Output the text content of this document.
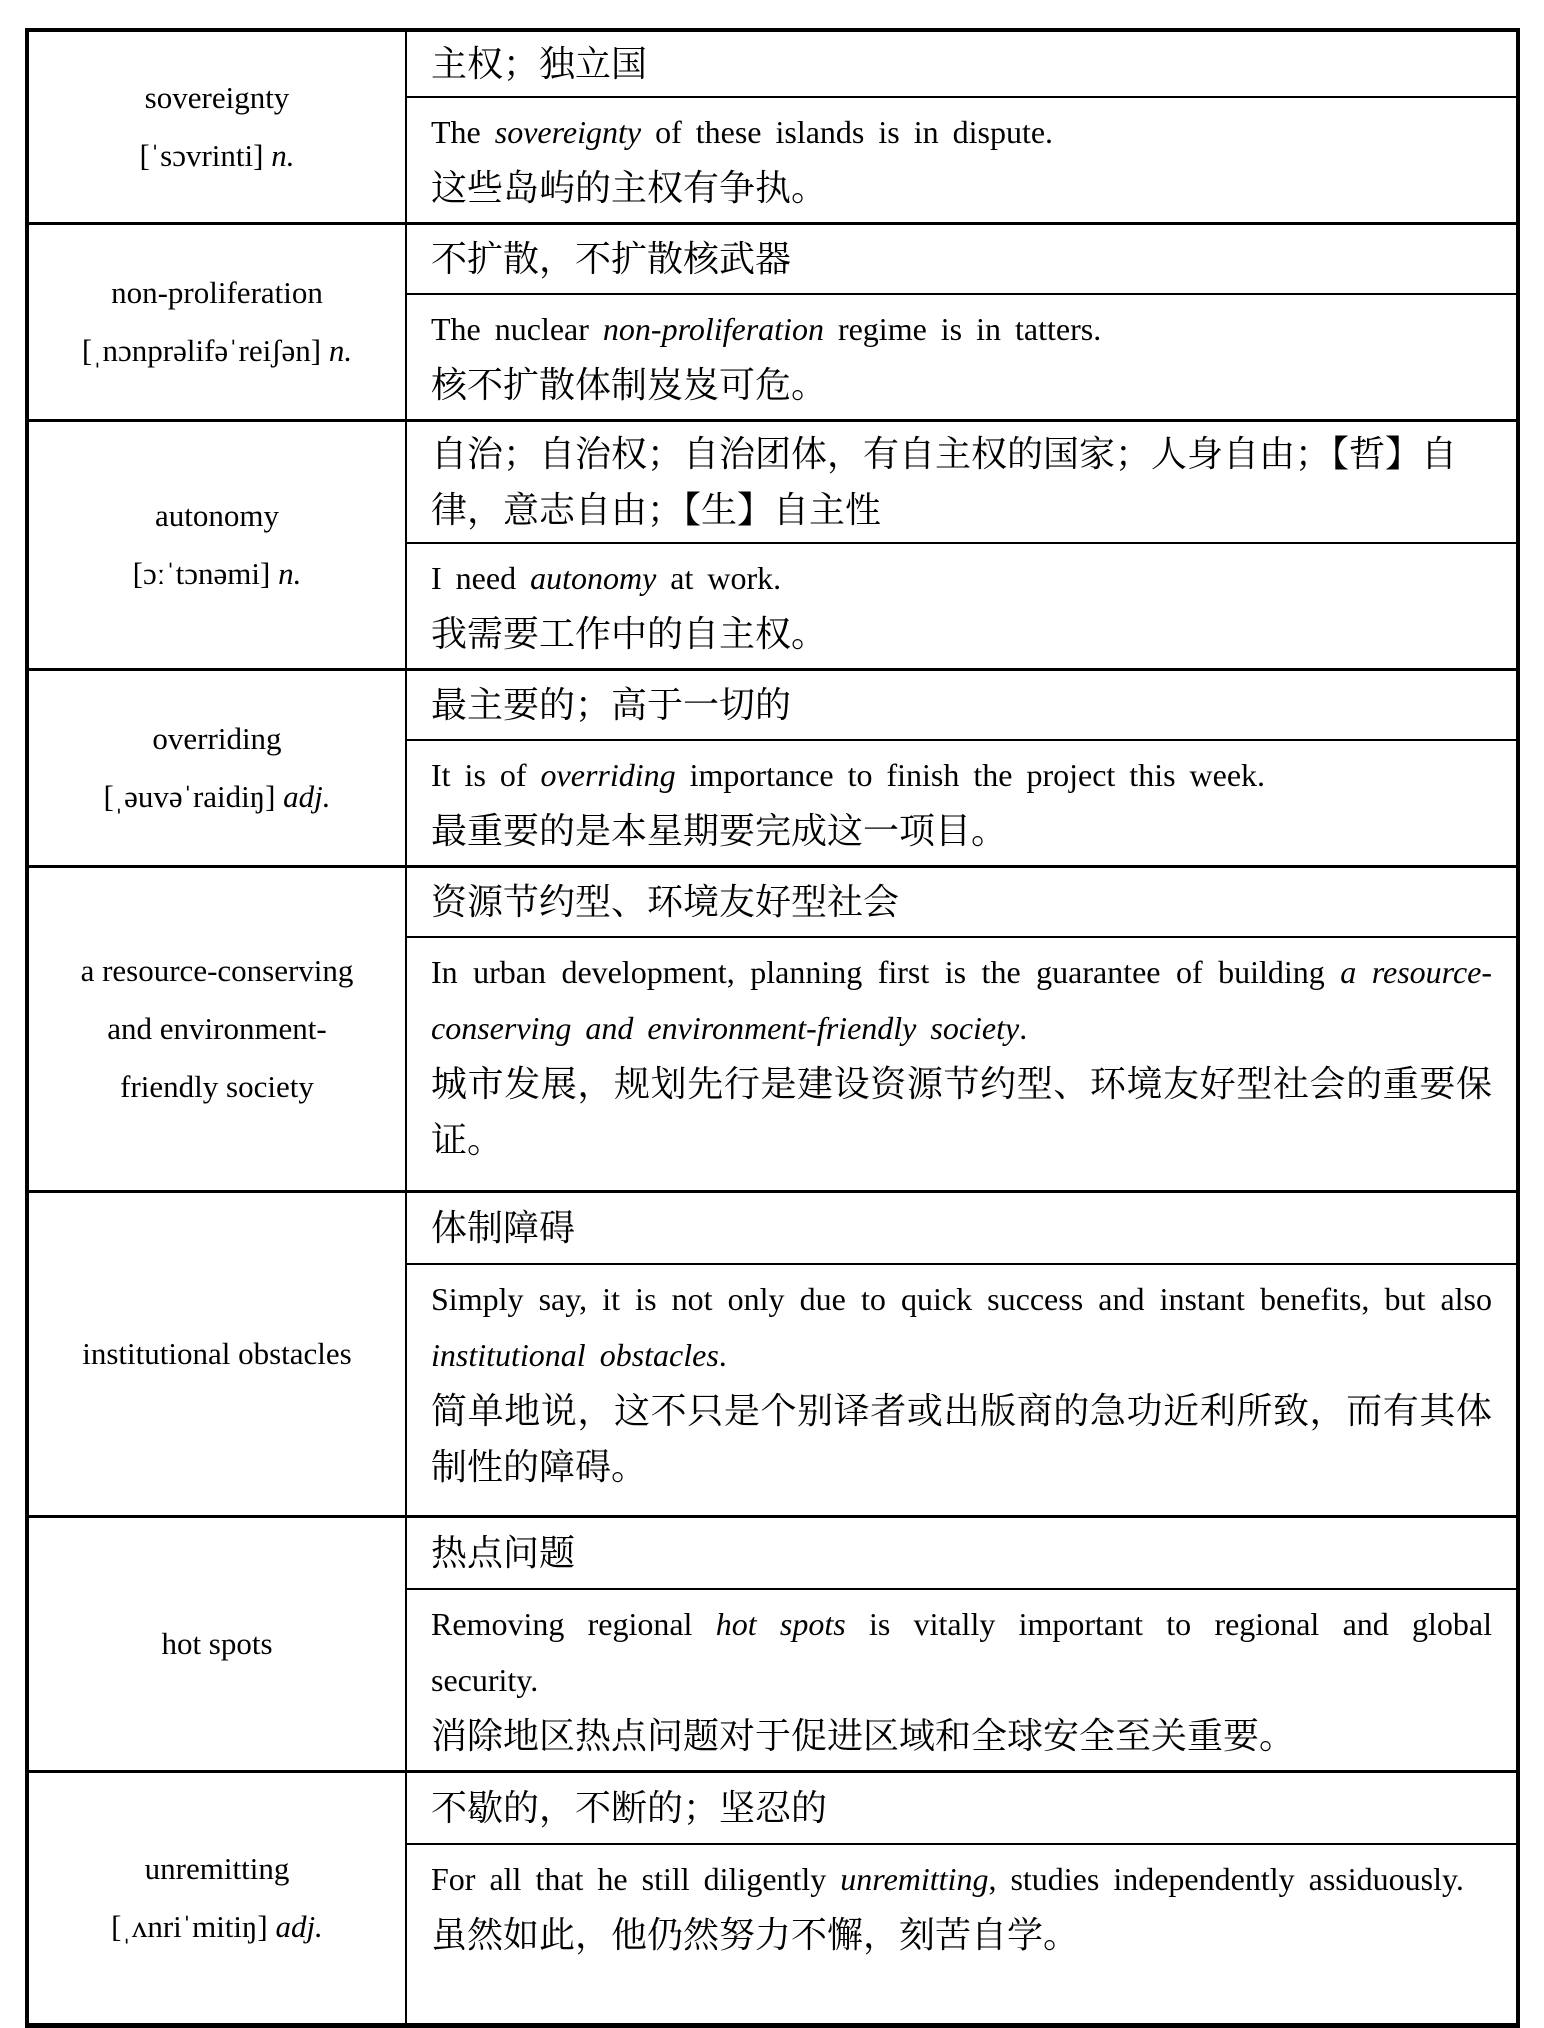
sovereignty
[ˈsɔvrinti] n.
主权；独立国

The sovereignty of these islands is in dispute.

这些岛屿的主权有争执。

non-proliferation
[ˌnɔnprəlifəˈreiʃən] n.
不扩散，不扩散核武器

The nuclear non-proliferation regime is in tatters.

核不扩散体制岌岌可危。

autonomy
[ɔːˈtɔnəmi] n.
自治；自治权；自治团体，有自主权的国家；人身自由；【哲】自律，意志自由；【生】自主性

I need autonomy at work.

我需要工作中的自主权。

overriding
[ˌəuvəˈraidiŋ] adj.
最主要的；高于一切的

It is of overriding importance to finish the project this week.

最重要的是本星期要完成这一项目。

a resource-conserving
and environment-
friendly society
资源节约型、环境友好型社会

In urban development, planning first is the guarantee of building a resource-conserving and environment-friendly society.

城市发展，规划先行是建设资源节约型、环境友好型社会的重要保证。

institutional obstacles
体制障碍

Simply say, it is not only due to quick success and instant benefits, but also institutional obstacles.

简单地说，这不只是个别译者或出版商的急功近利所致，而有其体制性的障碍。

hot spots
热点问题

Removing regional hot spots is vitally important to regional and global security.

消除地区热点问题对于促进区域和全球安全至关重要。

unremitting
[ˌʌnriˈmitiŋ] adj.
不歇的，不断的；坚忍的

For all that he still diligently unremitting, studies independently assiduously.

虽然如此，他仍然努力不懈，刻苦自学。
